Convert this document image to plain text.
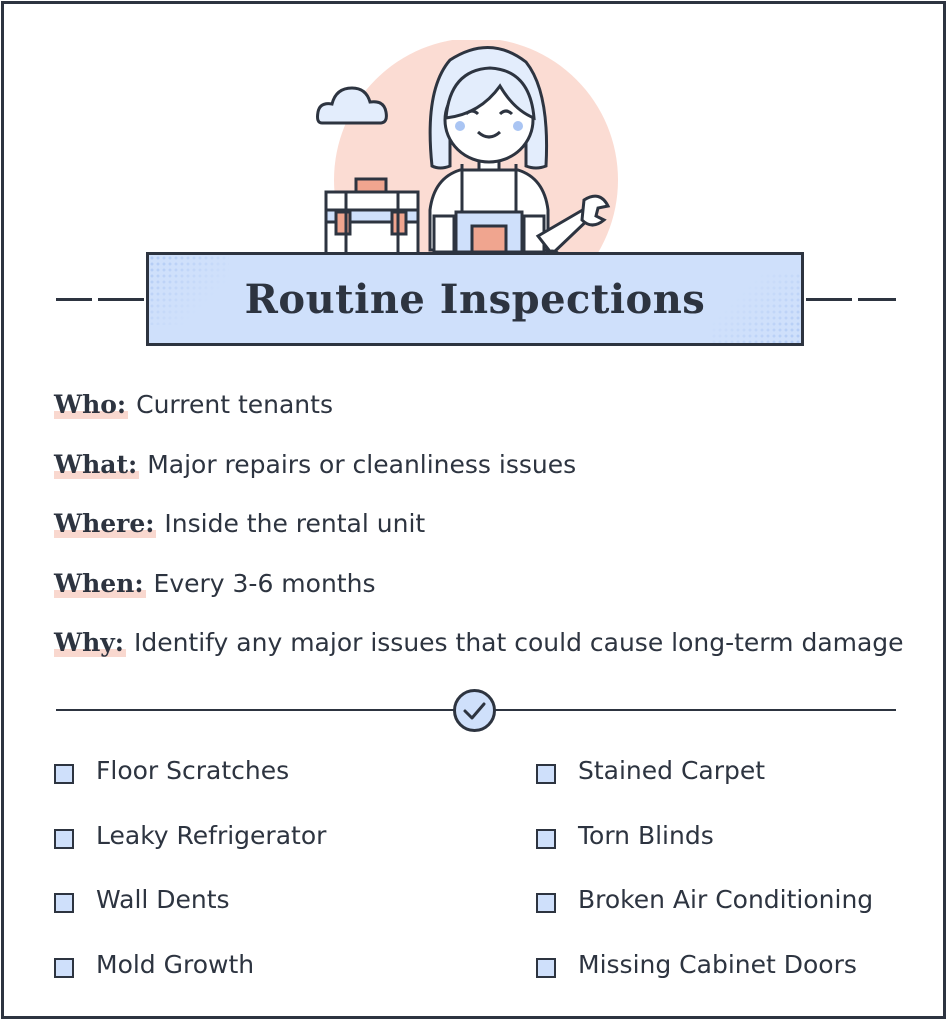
Routine Inspections
Who: Current tenants
What: Major repairs or cleanliness issues
Where: Inside the rental unit
When: Every 3-6 months
Why: Identify any major issues that could cause long-term damage
Floor Scratches
Leaky Refrigerator
Wall Dents
Mold Growth
Stained Carpet
Torn Blinds
Broken Air Conditioning
Missing Cabinet Doors
